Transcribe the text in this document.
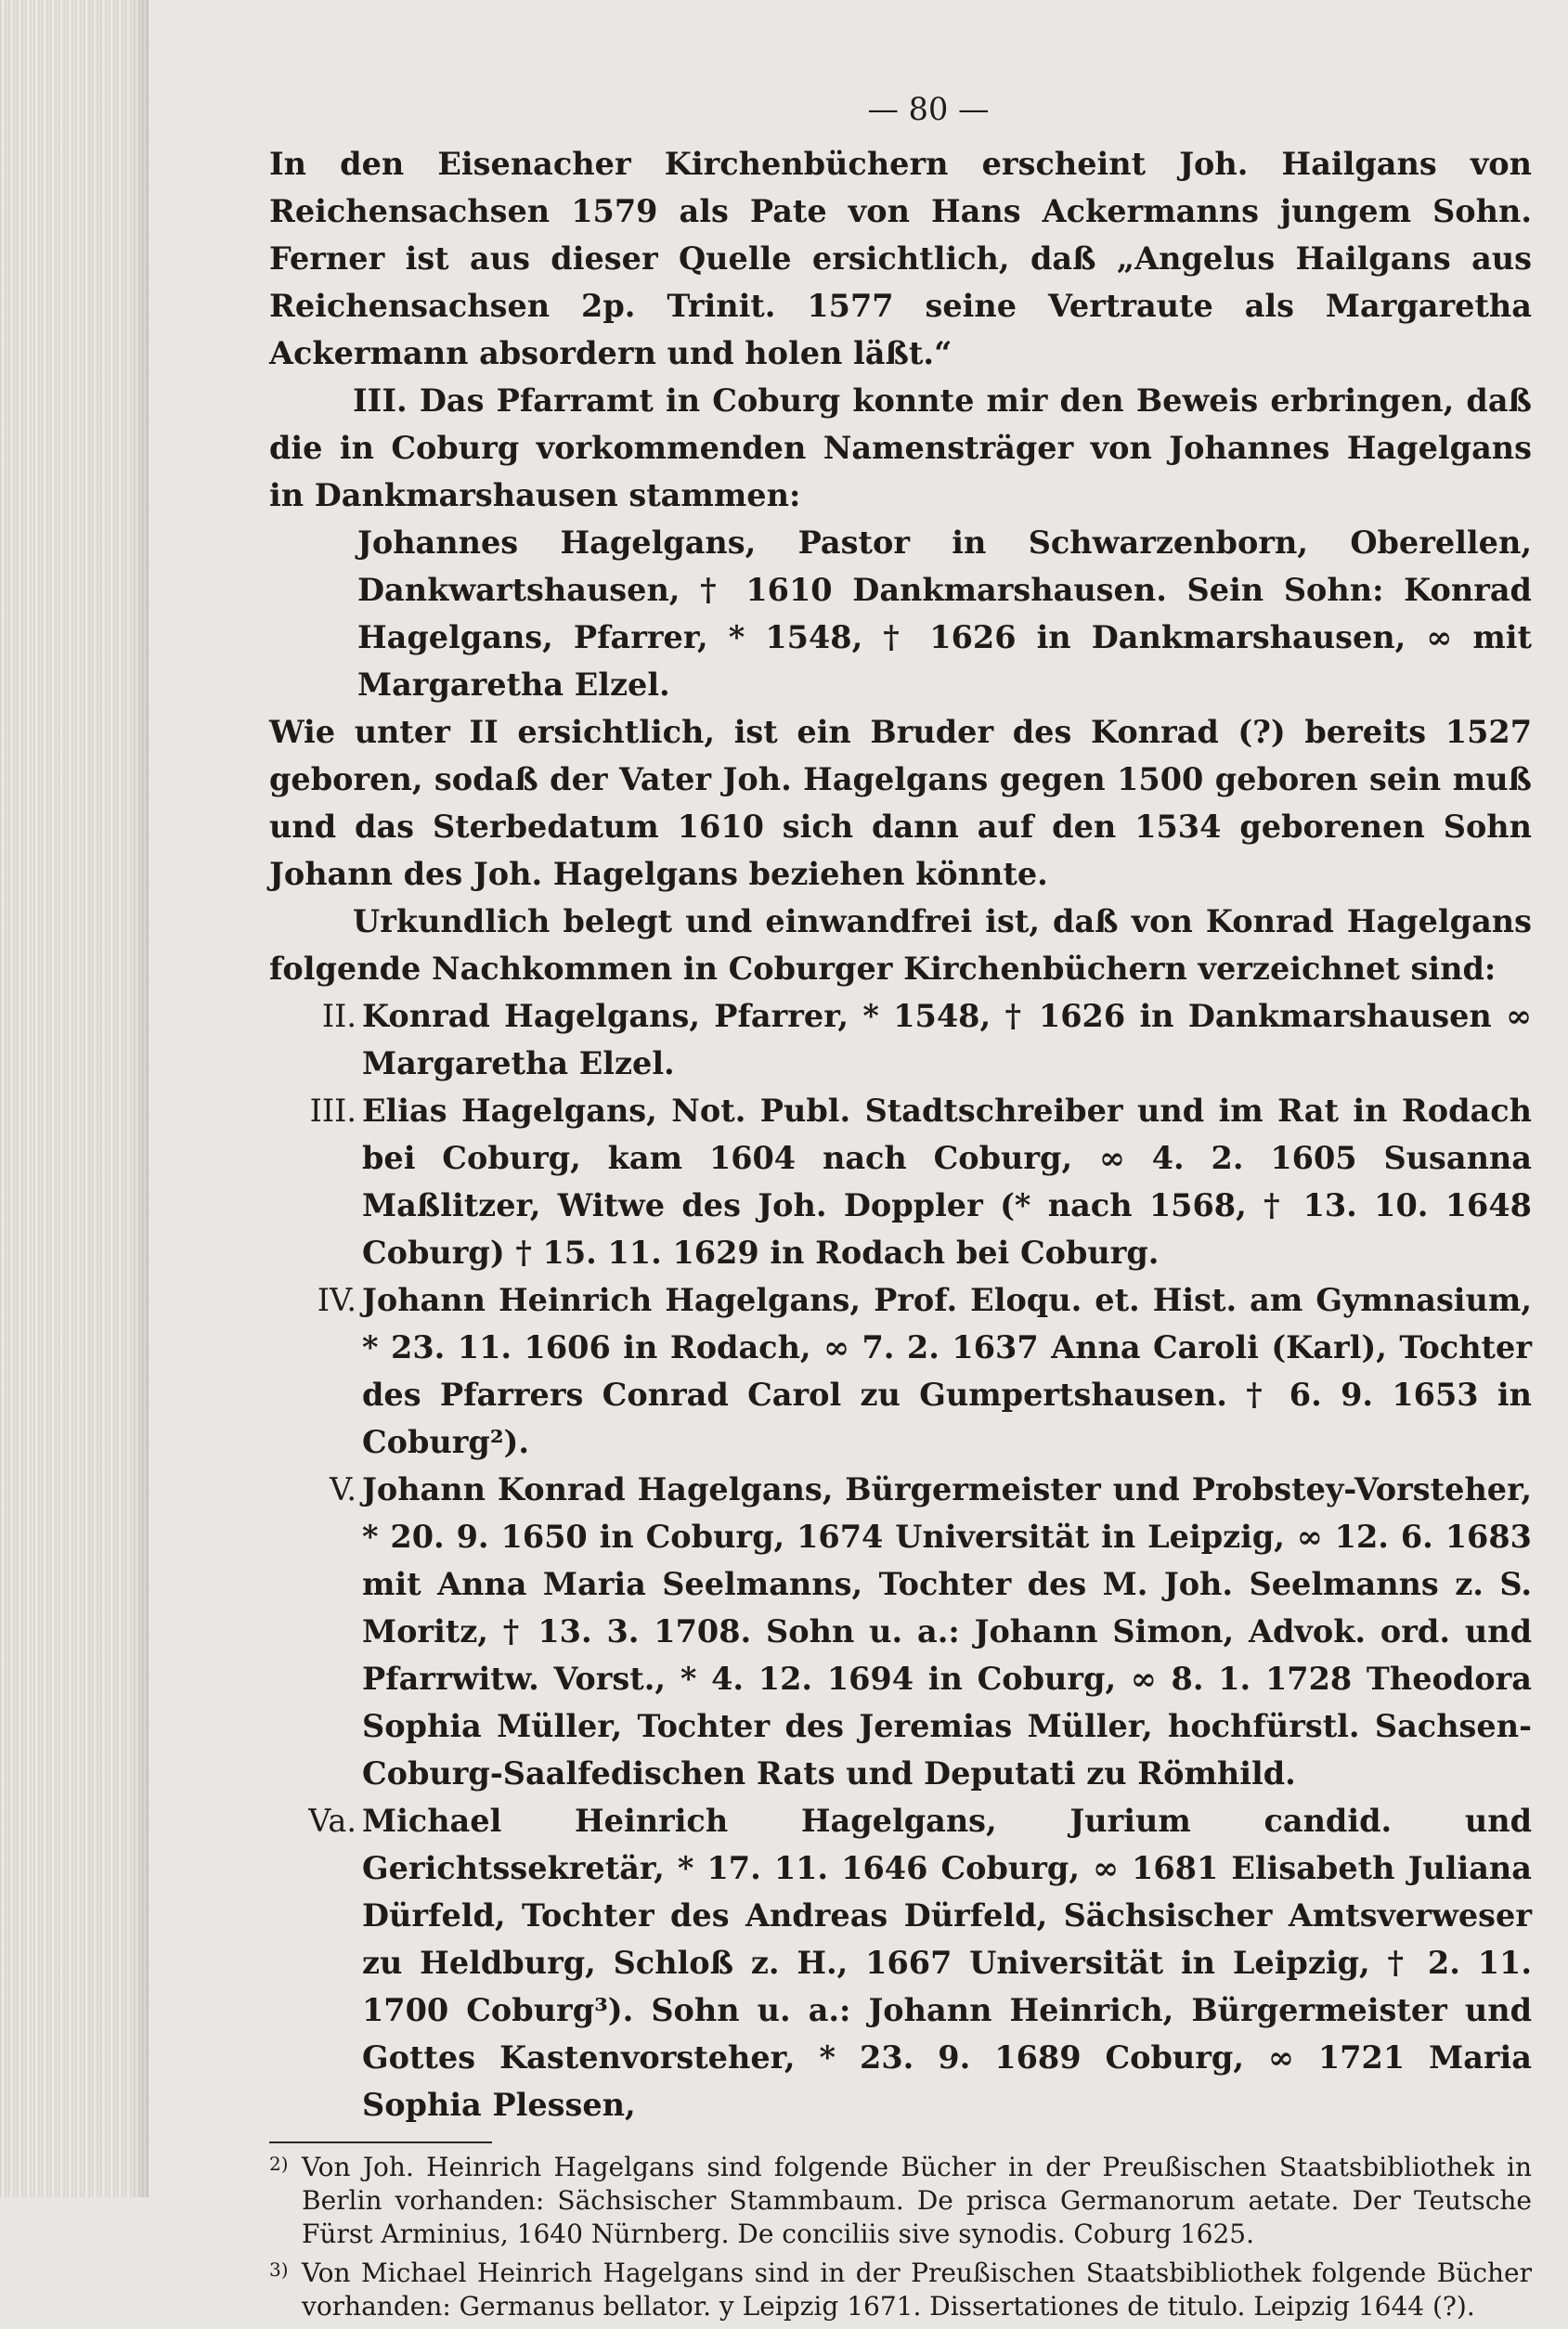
— 80 —

In den Eisenacher Kirchenbüchern erscheint Joh. Hailgans von Reichensachsen 1579 als Pate von Hans Ackermanns jungem Sohn. Ferner ist aus dieser Quelle ersichtlich, daß „Angelus Hailgans aus Reichensachsen 2p. Trinit. 1577 seine Vertraute als Margaretha Ackermann absordern und holen läßt.“

III. Das Pfarramt in Coburg konnte mir den Beweis erbringen, daß die in Coburg vorkommenden Namensträger von Johannes Hagelgans in Dankmarshausen stammen:

Johannes Hagelgans, Pastor in Schwarzenborn, Oberellen, Dankwartshausen, † 1610 Dankmarshausen. Sein Sohn: Konrad Hagelgans, Pfarrer, * 1548, † 1626 in Dankmarshausen, ∞ mit Margaretha Elzel.

Wie unter II ersichtlich, ist ein Bruder des Konrad (?) bereits 1527 geboren, sodaß der Vater Joh. Hagelgans gegen 1500 geboren sein muß und das Sterbedatum 1610 sich dann auf den 1534 geborenen Sohn Johann des Joh. Hagelgans beziehen könnte.

Urkundlich belegt und einwandfrei ist, daß von Konrad Hagelgans folgende Nachkommen in Coburger Kirchenbüchern verzeichnet sind:

II. Konrad Hagelgans, Pfarrer, * 1548, † 1626 in Dankmarshausen ∞ Margaretha Elzel.
III. Elias Hagelgans, Not. Publ. Stadtschreiber und im Rat in Rodach bei Coburg, kam 1604 nach Coburg, ∞ 4. 2. 1605 Susanna Maßlitzer, Witwe des Joh. Doppler (* nach 1568, † 13. 10. 1648 Coburg) † 15. 11. 1629 in Rodach bei Coburg.
IV. Johann Heinrich Hagelgans, Prof. Eloqu. et. Hist. am Gymnasium, * 23. 11. 1606 in Rodach, ∞ 7. 2. 1637 Anna Caroli (Karl), Tochter des Pfarrers Conrad Carol zu Gumpertshausen. † 6. 9. 1653 in Coburg²).
V. Johann Konrad Hagelgans, Bürgermeister und Probstey-Vorsteher, * 20. 9. 1650 in Coburg, 1674 Universität in Leipzig, ∞ 12. 6. 1683 mit Anna Maria Seelmanns, Tochter des M. Joh. Seelmanns z. S. Moritz, † 13. 3. 1708. Sohn u. a.: Johann Simon, Advok. ord. und Pfarrwitw. Vorst., * 4. 12. 1694 in Coburg, ∞ 8. 1. 1728 Theodora Sophia Müller, Tochter des Jeremias Müller, hochfürstl. Sachsen-Coburg-Saalfedischen Rats und Deputati zu Römhild.
Va. Michael Heinrich Hagelgans, Jurium candid. und Gerichtssekretär, * 17. 11. 1646 Coburg, ∞ 1681 Elisabeth Juliana Dürfeld, Tochter des Andreas Dürfeld, Sächsischer Amtsverweser zu Heldburg, Schloß z. H., 1667 Universität in Leipzig, † 2. 11. 1700 Coburg³). Sohn u. a.: Johann Heinrich, Bürgermeister und Gottes Kastenvorsteher, * 23. 9. 1689 Coburg, ∞ 1721 Maria Sophia Plessen,
2) Von Joh. Heinrich Hagelgans sind folgende Bücher in der Preußischen Staatsbibliothek in Berlin vorhanden: Sächsischer Stammbaum. De prisca Germanorum aetate. Der Teutsche Fürst Arminius, 1640 Nürnberg. De conciliis sive synodis. Coburg 1625.
3) Von Michael Heinrich Hagelgans sind in der Preußischen Staatsbibliothek folgende Bücher vorhanden: Germanus bellator. y Leipzig 1671. Dissertationes de titulo. Leipzig 1644 (?).
